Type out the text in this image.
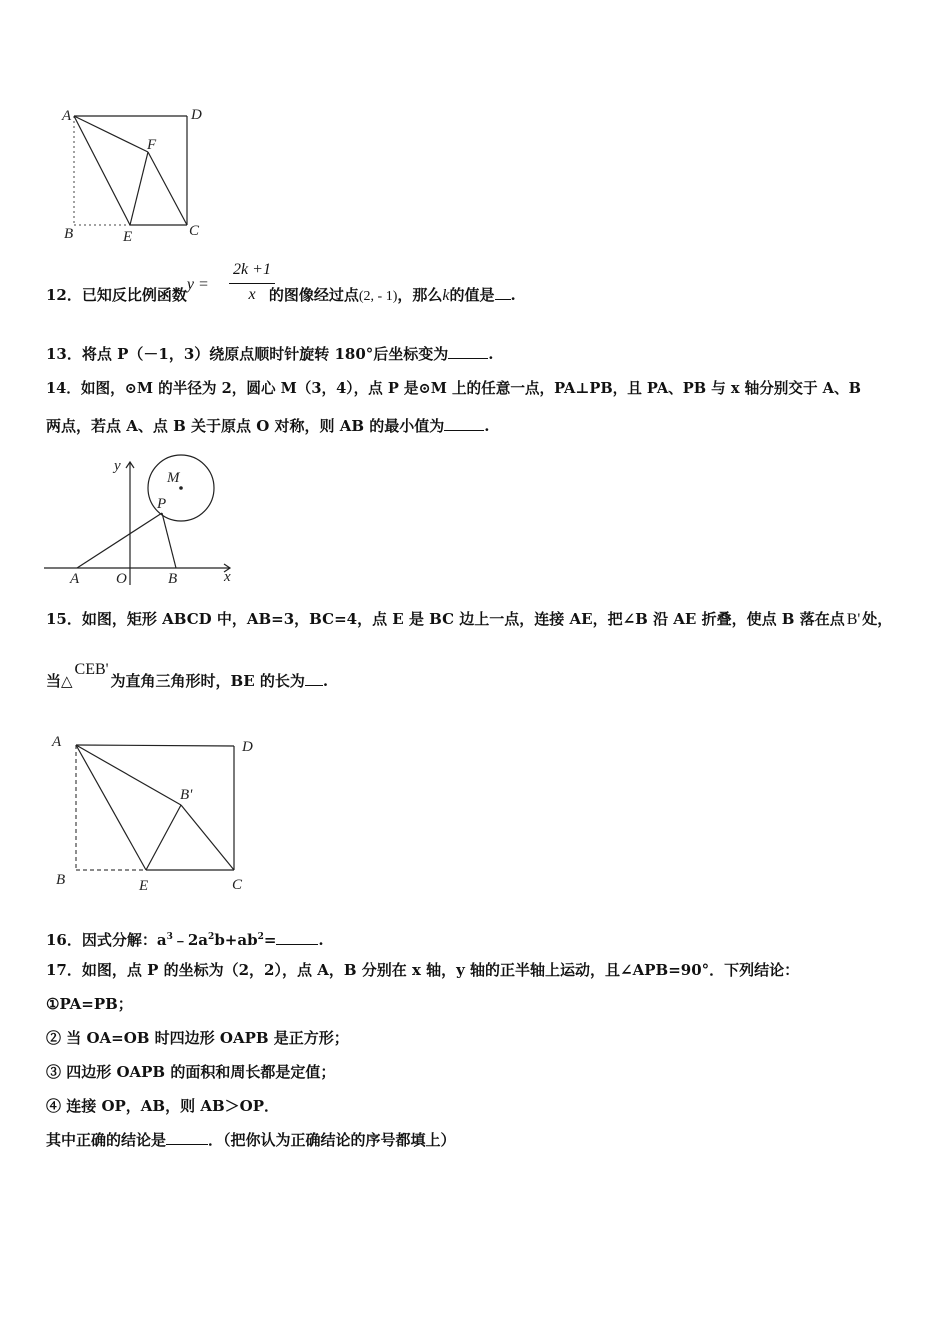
A	D
F
B	E	C
2k +1
x
12．已知反比例函数y =的图像经过点(2, - 1)，那么k的值是 .
13．将点 P（－1，3）绕原点顺时针旋转 180°后坐标变为	.
14．如图，⊙M 的半径为 2，圆心 M（3，4），点 P 是⊙M 上的任意一点，PA⊥PB，且 PA、PB 与 x 轴分别交于 A、B
两点，若点 A、点 B 关于原点 O 对称，则 AB 的最小值为	.
y
M
P
A O	B	x
15．如图，矩形 ABCD 中，AB=3，BC=4，点 E 是 BC 边上一点，连接 AE，把∠B 沿 AE 折叠，使点 B 落在点 B' 处，
当△CEB'为直角三角形时，BE 的长为 .
A	D
B'
B	E	C
16．因式分解：$a^3﹣2a^2b+ab^2=$	.
17．如图，点 P 的坐标为（2，2），点 A，B 分别在 x 轴，y 轴的正半轴上运动，且∠APB=90°．下列结论：
①PA=PB；
② 当 OA=OB 时四边形 OAPB 是正方形；
③ 四边形 OAPB 的面积和周长都是定值；
④ 连接 OP，AB，则 AB＞OP．
其中正确的结论是	．（把你认为正确结论的序号都填上）
